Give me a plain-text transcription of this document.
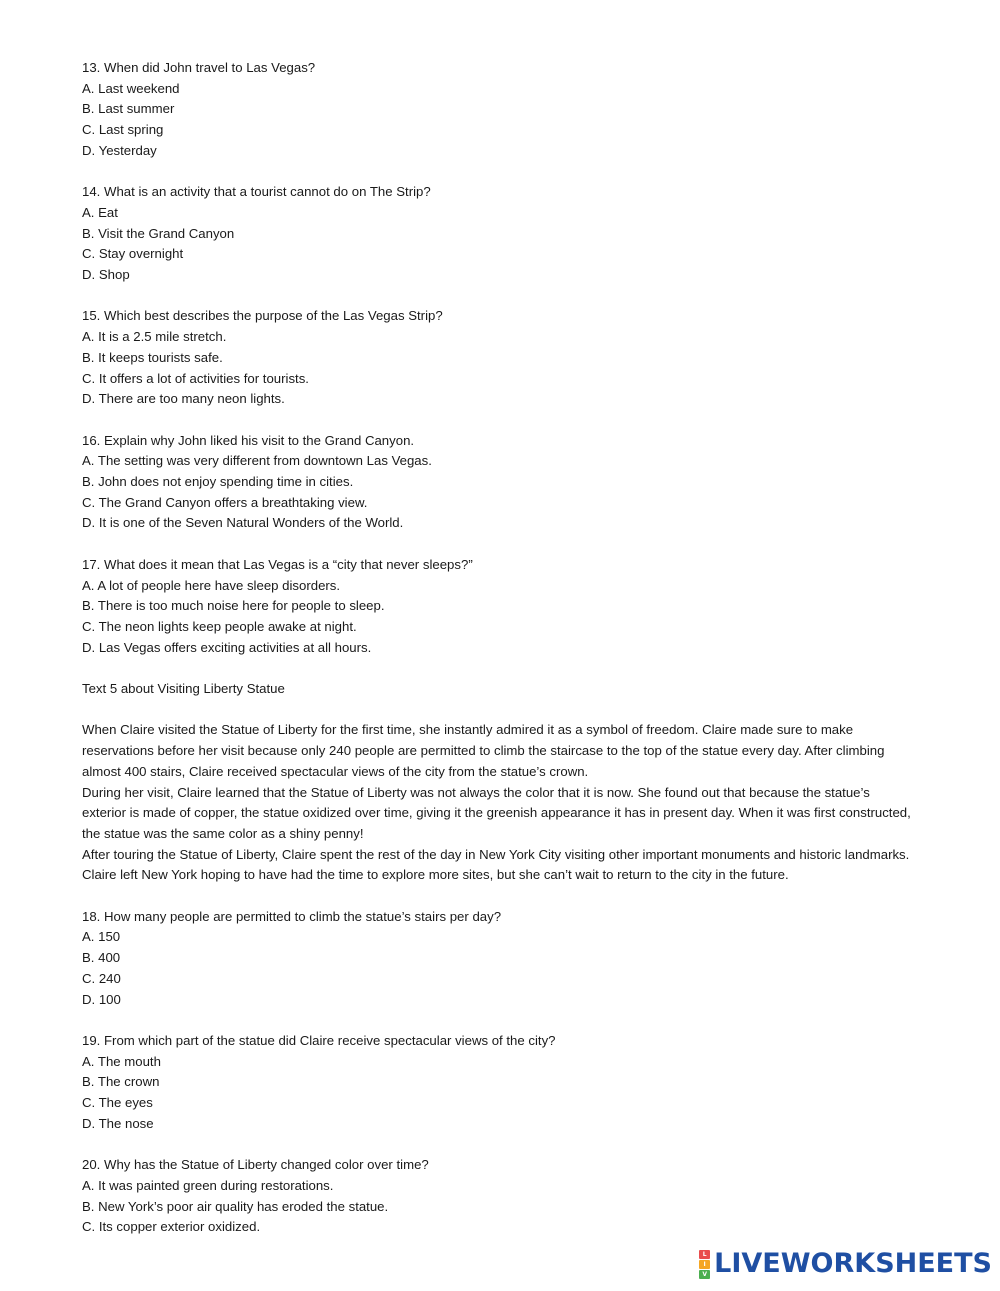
13. When did John travel to Las Vegas?
A. Last weekend
B. Last summer
C. Last spring
D. Yesterday
14. What is an activity that a tourist cannot do on The Strip?
A. Eat
B. Visit the Grand Canyon
C. Stay overnight
D. Shop
15. Which best describes the purpose of the Las Vegas Strip?
A. It is a 2.5 mile stretch.
B. It keeps tourists safe.
C. It offers a lot of activities for tourists.
D. There are too many neon lights.
16. Explain why John liked his visit to the Grand Canyon.
A. The setting was very different from downtown Las Vegas.
B. John does not enjoy spending time in cities.
C. The Grand Canyon offers a breathtaking view.
D. It is one of the Seven Natural Wonders of the World.
17. What does it mean that Las Vegas is a “city that never sleeps?”
A. A lot of people here have sleep disorders.
B. There is too much noise here for people to sleep.
C. The neon lights keep people awake at night.
D. Las Vegas offers exciting activities at all hours.
Text 5 about Visiting Liberty Statue
When Claire visited the Statue of Liberty for the first time, she instantly admired it as a symbol of freedom. Claire made sure to make
reservations before her visit because only 240 people are permitted to climb the staircase to the top of the statue every day. After climbing
almost 400 stairs, Claire received spectacular views of the city from the statue’s crown.
During her visit, Claire learned that the Statue of Liberty was not always the color that it is now. She found out that because the statue’s
exterior is made of copper, the statue oxidized over time, giving it the greenish appearance it has in present day. When it was first constructed,
the statue was the same color as a shiny penny!
After touring the Statue of Liberty, Claire spent the rest of the day in New York City visiting other important monuments and historic landmarks.
Claire left New York hoping to have had the time to explore more sites, but she can’t wait to return to the city in the future.
18. How many people are permitted to climb the statue’s stairs per day?
A. 150
B. 400
C. 240
D. 100
19. From which part of the statue did Claire receive spectacular views of the city?
A. The mouth
B. The crown
C. The eyes
D. The nose
20. Why has the Statue of Liberty changed color over time?
A. It was painted green during restorations.
B. New York’s poor air quality has eroded the statue.
C. Its copper exterior oxidized.
L
I
V LIVEWORKSHEETS
